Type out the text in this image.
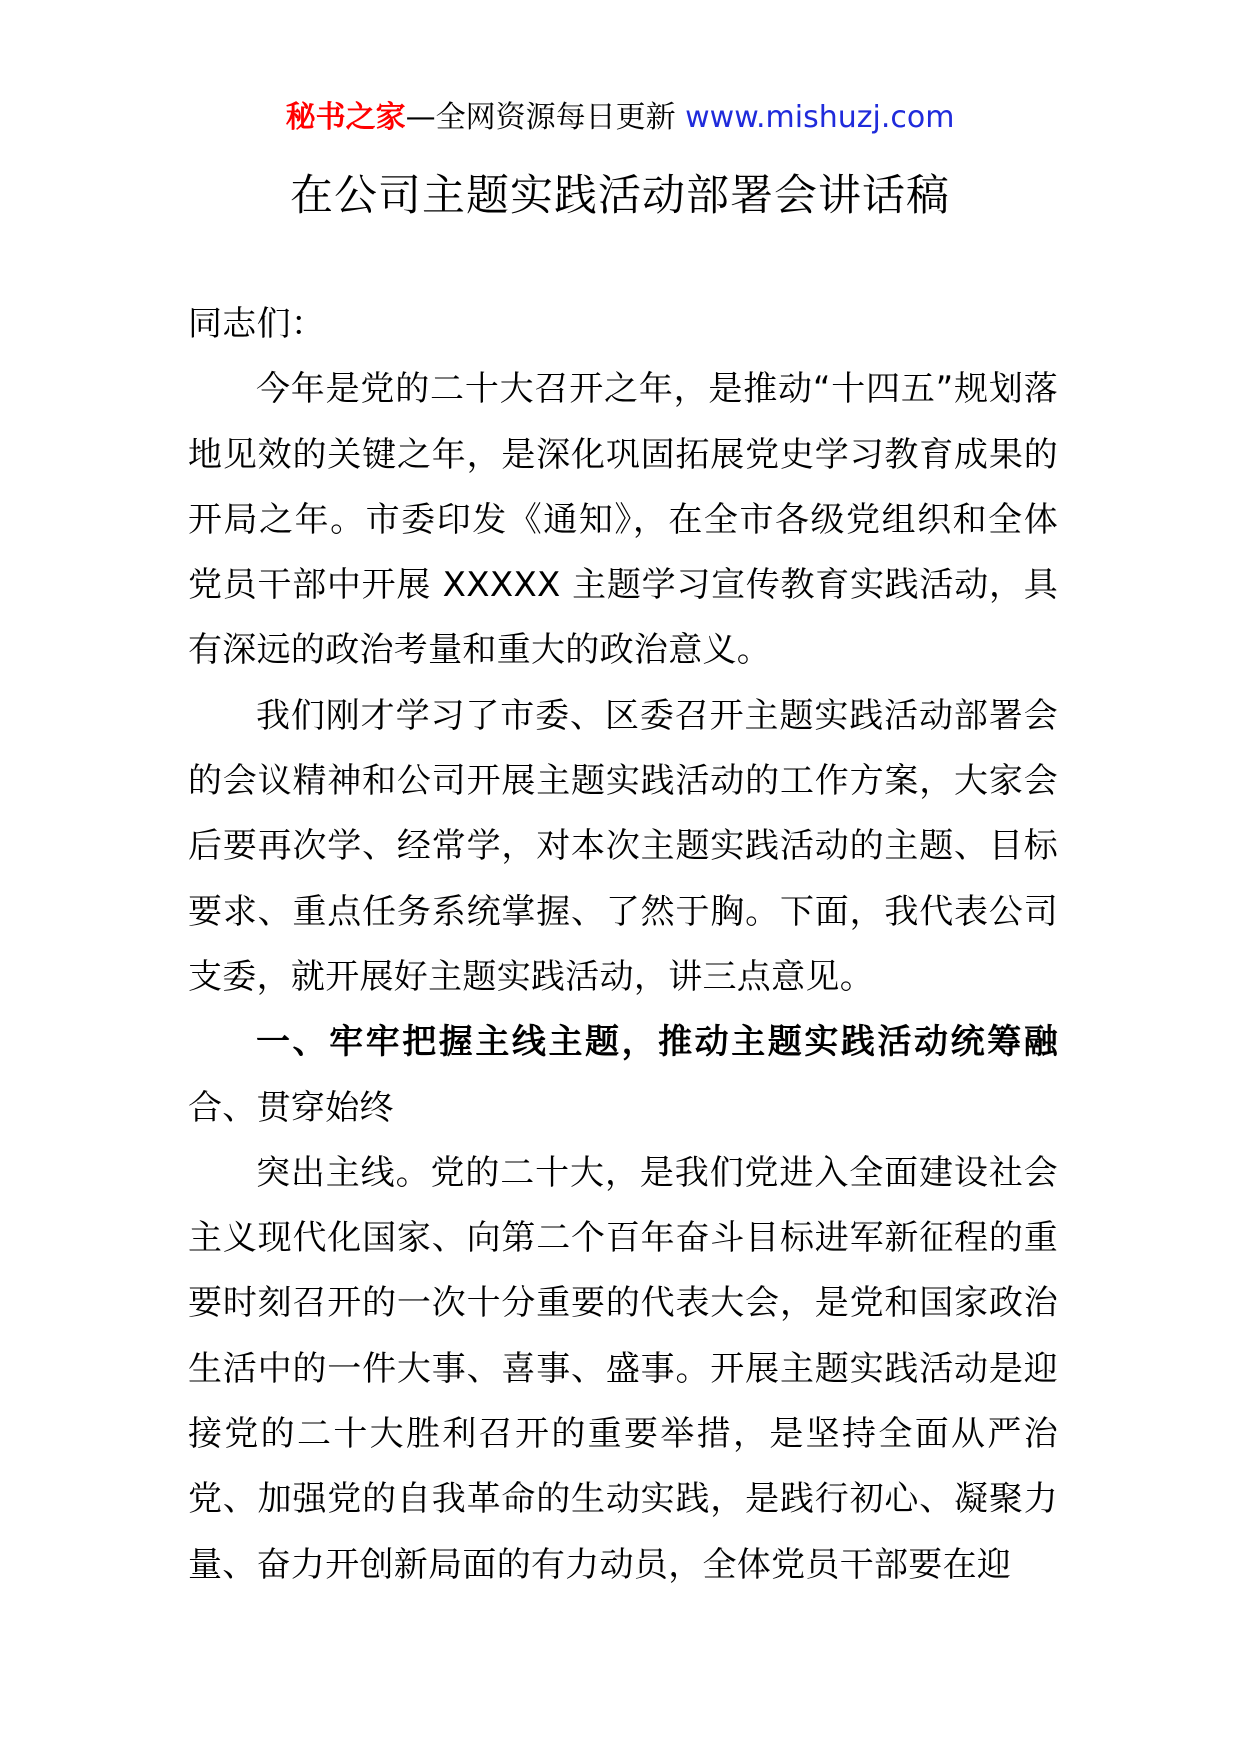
秘书之家—全网资源每日更新 www.mishuzj.com
在公司主题实践活动部署会讲话稿

同志们：

今年是党的二十大召开之年，是推动“十四五”规划落地见效的关键之年，是深化巩固拓展党史学习教育成果的开局之年。市委印发《通知》，在全市各级党组织和全体党员干部中开展 XXXXX 主题学习宣传教育实践活动，具有深远的政治考量和重大的政治意义。

我们刚才学习了市委、区委召开主题实践活动部署会的会议精神和公司开展主题实践活动的工作方案，大家会后要再次学、经常学，对本次主题实践活动的主题、目标要求、重点任务系统掌握、了然于胸。下面，我代表公司支委，就开展好主题实践活动，讲三点意见。

一、牢牢把握主线主题，推动主题实践活动统筹融合、贯穿始终

突出主线。党的二十大，是我们党进入全面建设社会主义现代化国家、向第二个百年奋斗目标进军新征程的重要时刻召开的一次十分重要的代表大会，是党和国家政治生活中的一件大事、喜事、盛事。开展主题实践活动是迎接党的二十大胜利召开的重要举措，是坚持全面从严治党、加强党的自我革命的生动实践，是践行初心、凝聚力量、奋力开创新局面的有力动员，全体党员干部要在迎
